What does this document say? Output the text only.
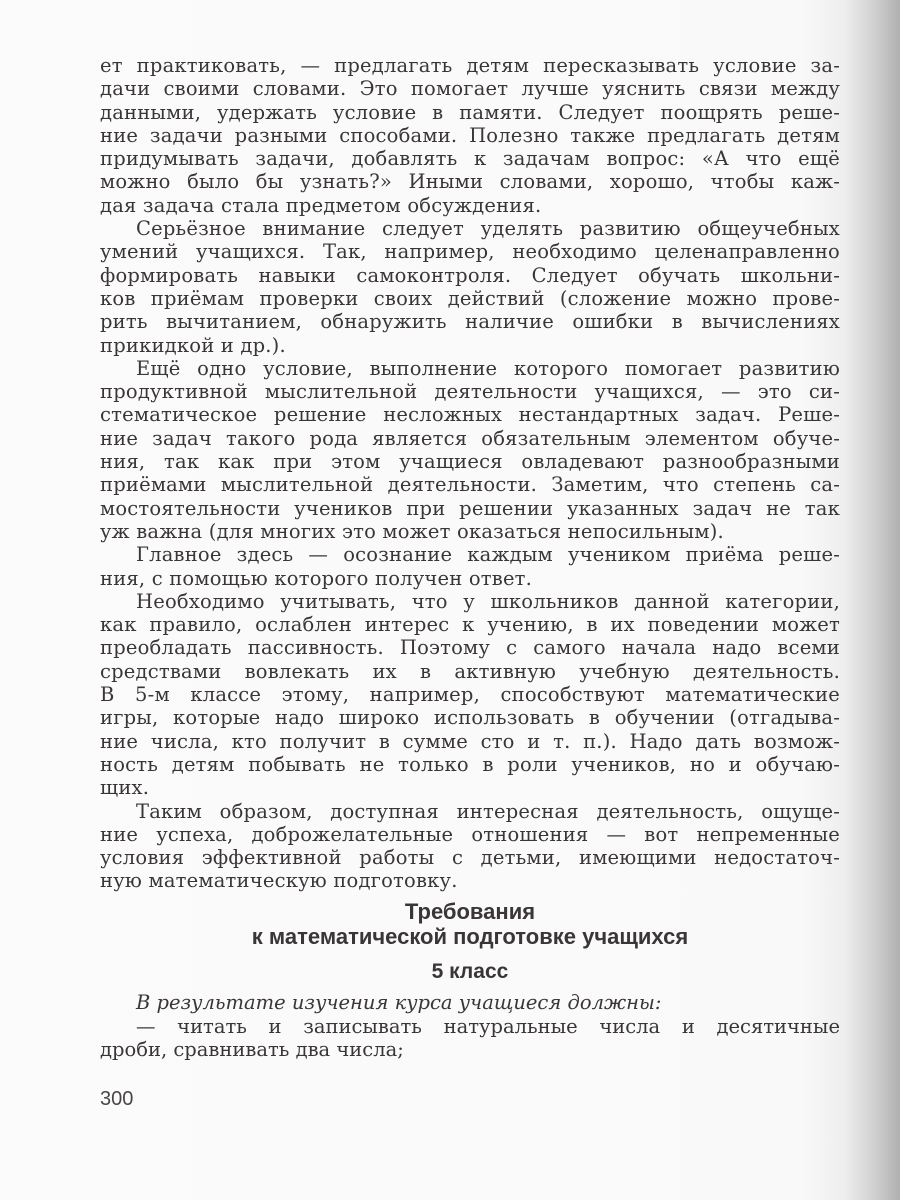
ет практиковать, — предлагать детям пересказывать условие за-
дачи своими словами. Это помогает лучше уяснить связи между
данными, удержать условие в памяти. Следует поощрять реше-
ние задачи разными способами. Полезно также предлагать детям
придумывать задачи, добавлять к задачам вопрос: «А что ещё
можно было бы узнать?» Иными словами, хорошо, чтобы каж-
дая задача стала предметом обсуждения.
Серьёзное внимание следует уделять развитию общеучебных
умений учащихся. Так, например, необходимо целенаправленно
формировать навыки самоконтроля. Следует обучать школьни-
ков приёмам проверки своих действий (сложение можно прове-
рить вычитанием, обнаружить наличие ошибки в вычислениях
прикидкой и др.).
Ещё одно условие, выполнение которого помогает развитию
продуктивной мыслительной деятельности учащихся, — это си-
стематическое решение несложных нестандартных задач. Реше-
ние задач такого рода является обязательным элементом обуче-
ния, так как при этом учащиеся овладевают разнообразными
приёмами мыслительной деятельности. Заметим, что степень са-
мостоятельности учеников при решении указанных задач не так
уж важна (для многих это может оказаться непосильным).
Главное здесь — осознание каждым учеником приёма реше-
ния, с помощью которого получен ответ.
Необходимо учитывать, что у школьников данной категории,
как правило, ослаблен интерес к учению, в их поведении может
преобладать пассивность. Поэтому с самого начала надо всеми
средствами вовлекать их в активную учебную деятельность.
В 5-м классе этому, например, способствуют математические
игры, которые надо широко использовать в обучении (отгадыва-
ние числа, кто получит в сумме сто и т. п.). Надо дать возмож-
ность детям побывать не только в роли учеников, но и обучаю-
щих.
Таким образом, доступная интересная деятельность, ощуще-
ние успеха, доброжелательные отношения — вот непременные
условия эффективной работы с детьми, имеющими недостаточ-
ную математическую подготовку.
Требования
к математической подготовке учащихся
5 класс
В результате изучения курса учащиеся должны:
— читать и записывать натуральные числа и десятичные
дроби, сравнивать два числа;
300
